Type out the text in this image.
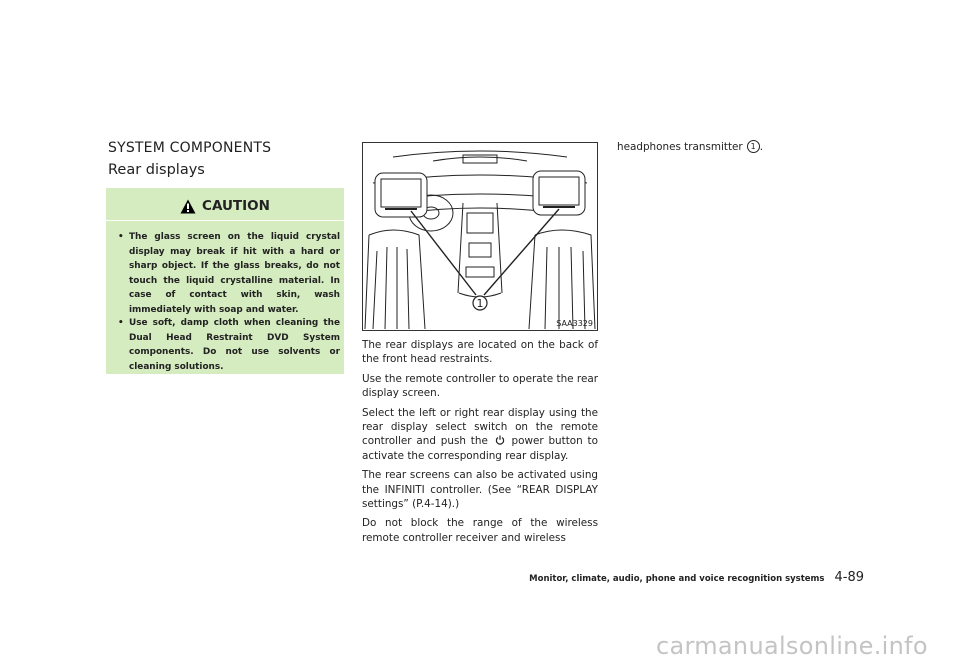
SYSTEM COMPONENTS
Rear displays
CAUTION
• The glass screen on the liquid crystal display may break if hit with a hard or sharp object. If the glass breaks, do not touch the liquid crystalline material. In case of contact with skin, wash immediately with soap and water.
• Use soft, damp cloth when cleaning the Dual Head Restraint DVD System components. Do not use solvents or cleaning solutions.
1
SAA3329

The rear displays are located on the back of the front head restraints.

Use the remote controller to operate the rear display screen.

Select the left or right rear display using the rear display select switch on the remote controller and push the power button to activate the corresponding rear display.

The rear screens can also be activated using the INFINITI controller. (See “REAR DISPLAY settings” (P.4-14).)

Do not block the range of the wireless remote controller receiver and wireless

headphones transmitter 1 .
Monitor, climate, audio, phone and voice recognition systems 4-89
carmanualsonline.info
